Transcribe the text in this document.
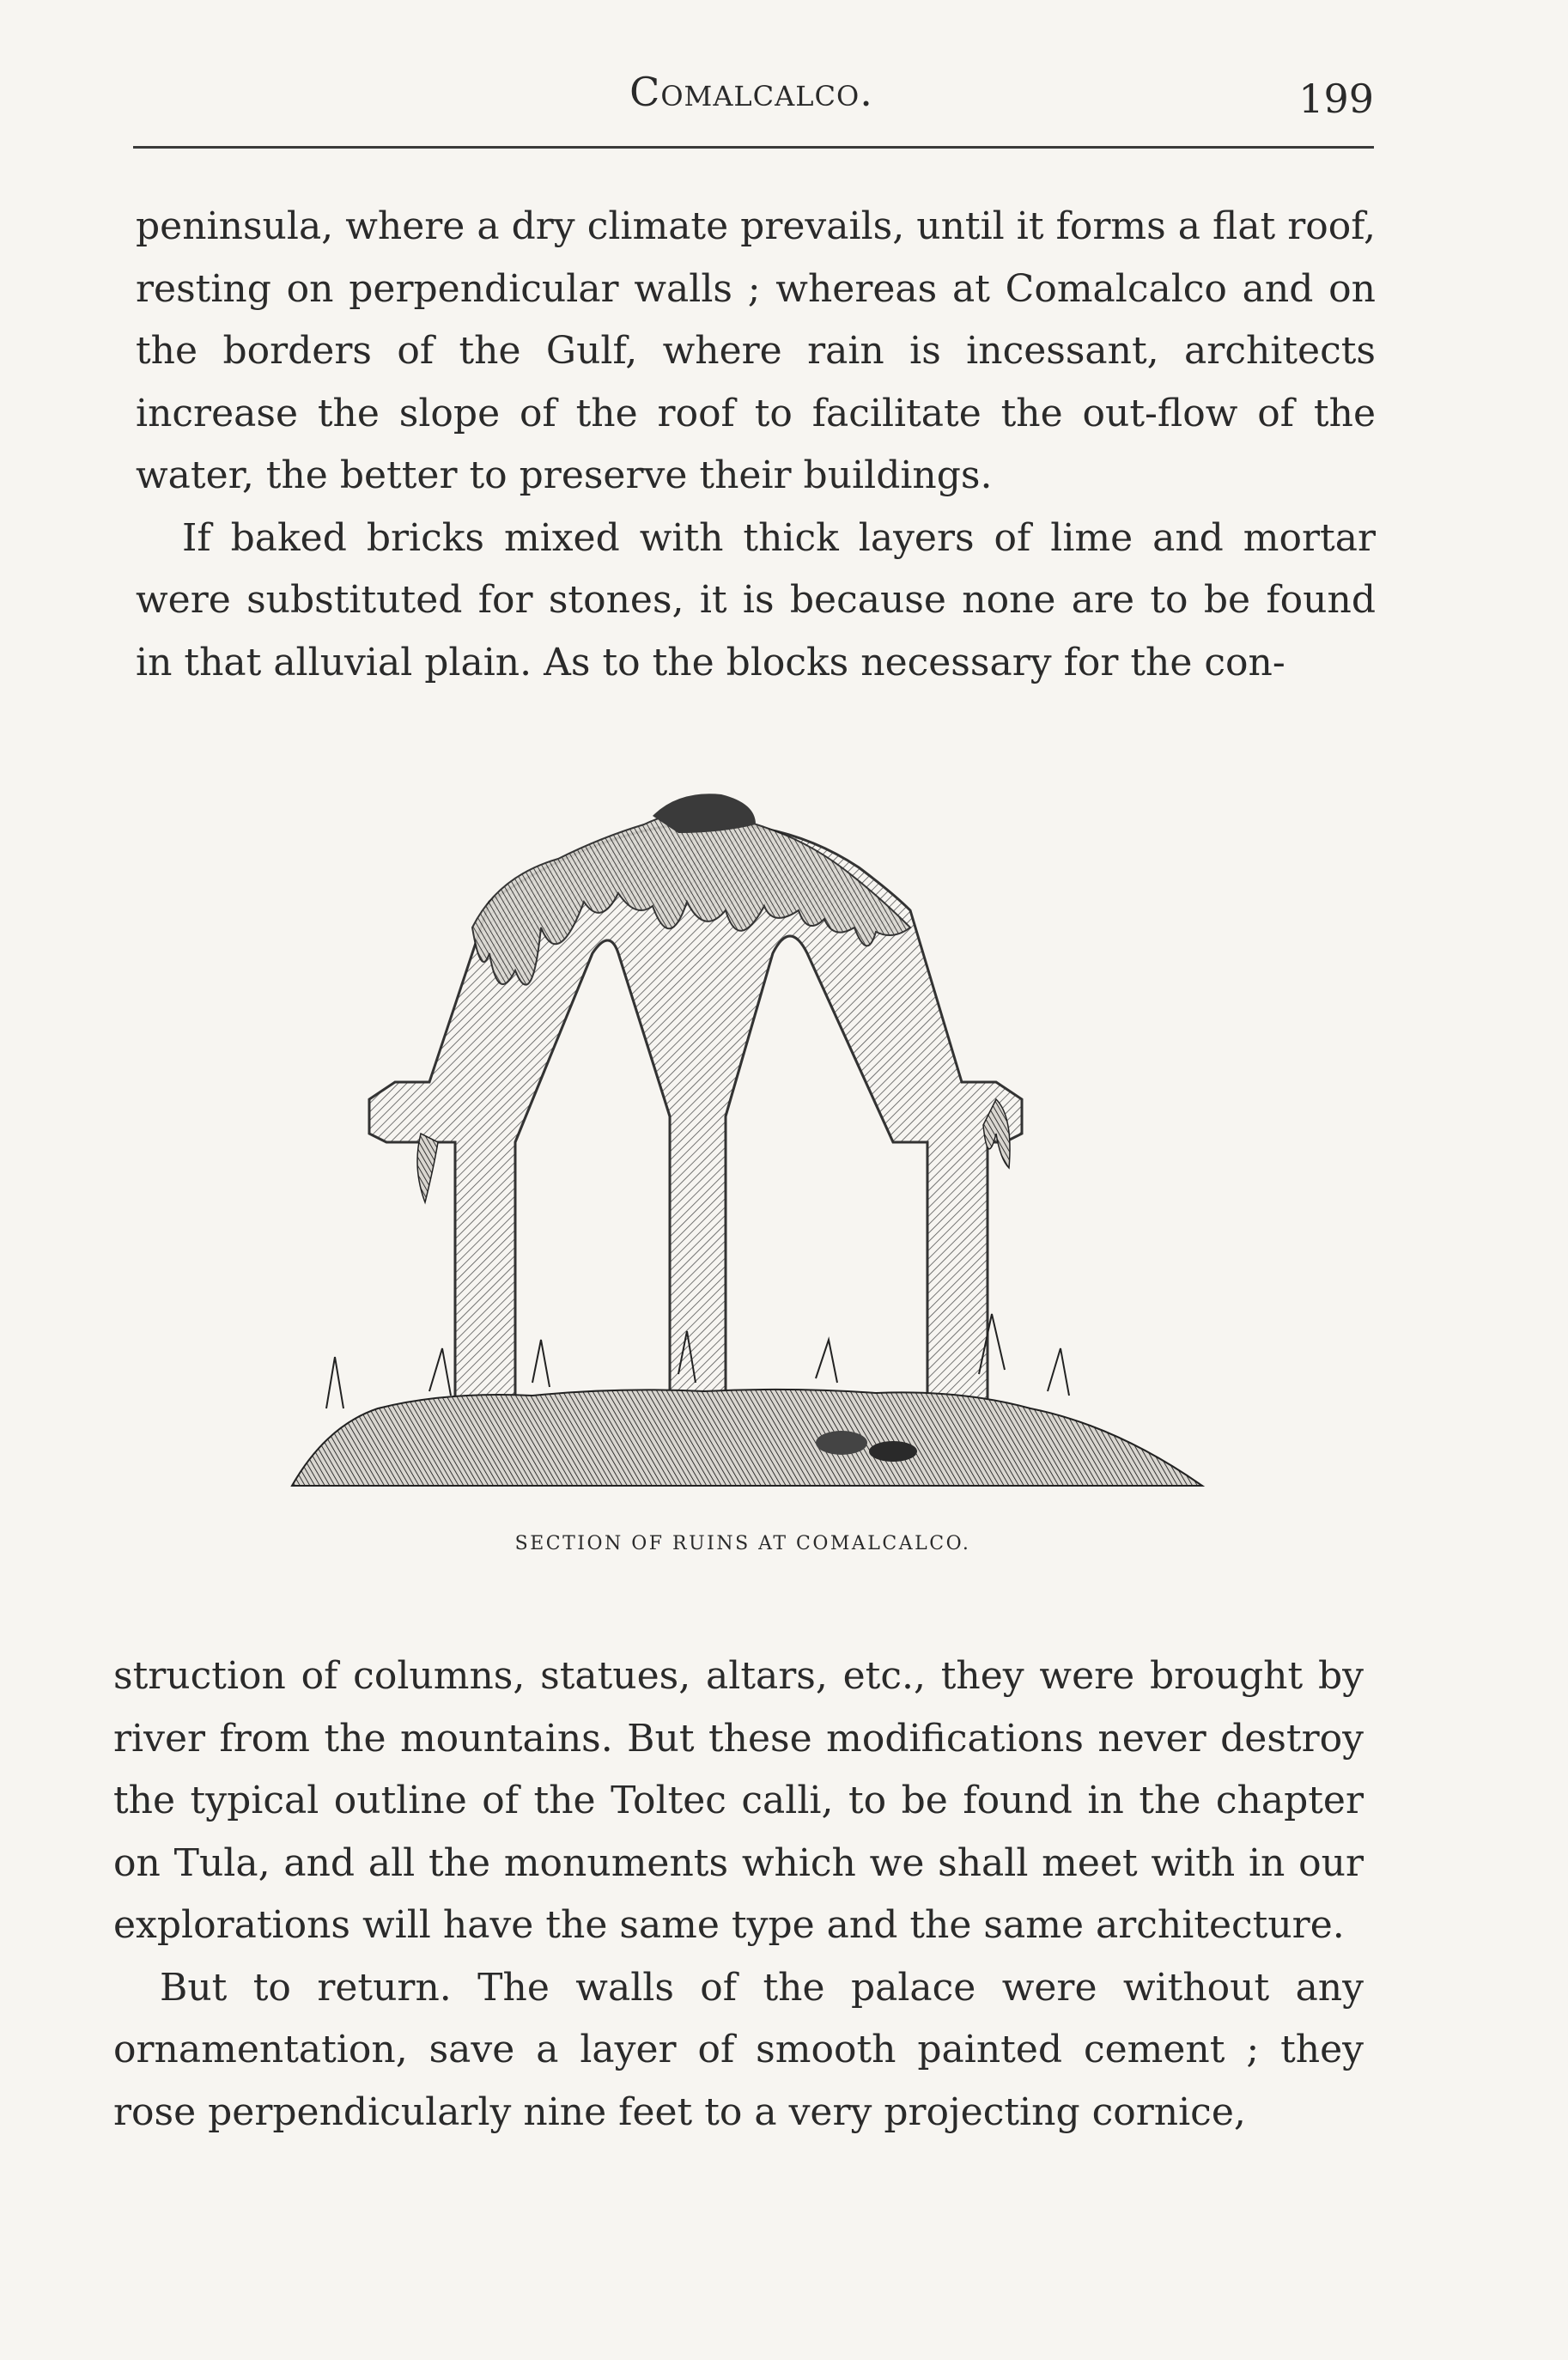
Comalcalco.	199

peninsula, where a dry climate prevails, until it forms a flat roof, resting on perpendicular walls ; whereas at Comalcalco and on the borders of the Gulf, where rain is incessant, architects increase the slope of the roof to facilitate the out-flow of the water, the better to preserve their buildings.

If baked bricks mixed with thick layers of lime and mortar were substituted for stones, it is because none are to be found in that alluvial plain. As to the blocks necessary for the con-

SECTION OF RUINS AT COMALCALCO.

struction of columns, statues, altars, etc., they were brought by river from the mountains. But these modifications never destroy the typical outline of the Toltec calli, to be found in the chapter on Tula, and all the monuments which we shall meet with in our explorations will have the same type and the same architecture.

But to return. The walls of the palace were without any ornamentation, save a layer of smooth painted cement ; they rose perpendicularly nine feet to a very projecting cornice,
